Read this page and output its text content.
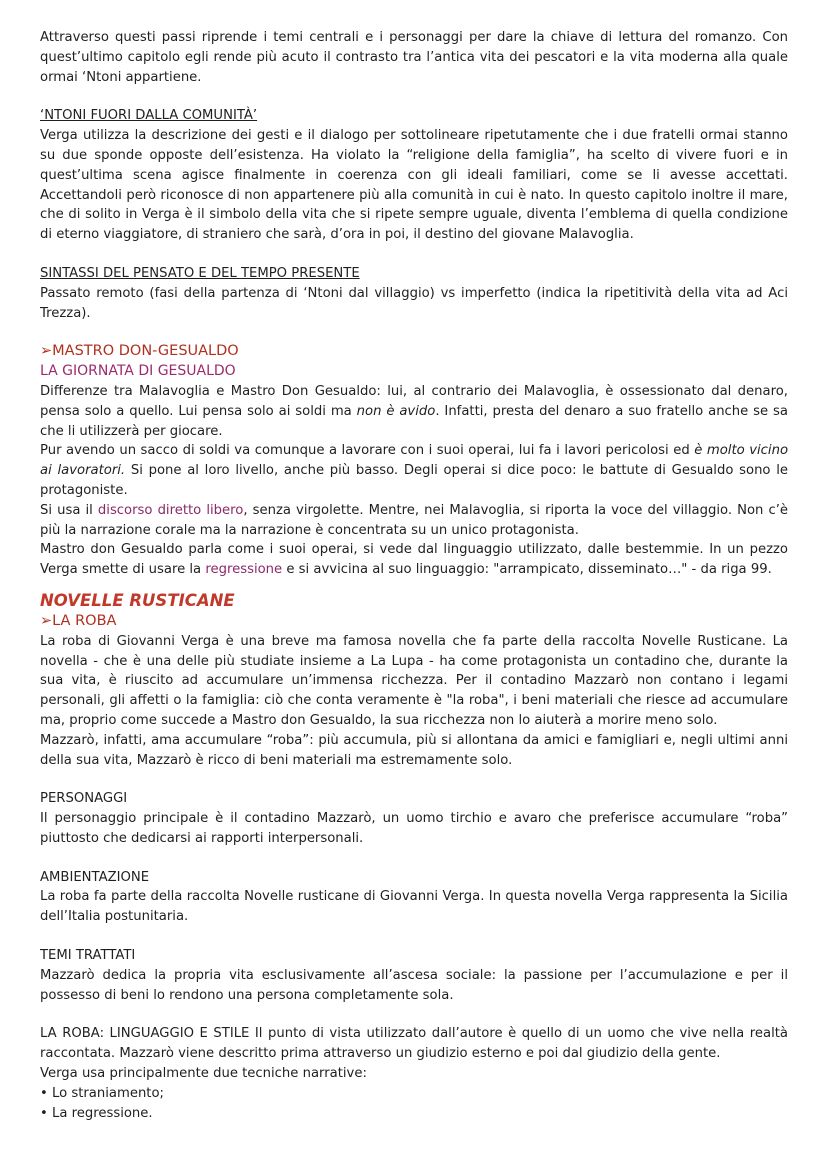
Attraverso questi passi riprende i temi centrali e i personaggi per dare la chiave di lettura del romanzo. Con quest’ultimo capitolo egli rende più acuto il contrasto tra l’antica vita dei pescatori e la vita moderna alla quale ormai ‘Ntoni appartiene.

‘NTONI FUORI DALLA COMUNITÀ’

Verga utilizza la descrizione dei gesti e il dialogo per sottolineare ripetutamente che i due fratelli ormai stanno su due sponde opposte dell’esistenza. Ha violato la “religione della famiglia”, ha scelto di vivere fuori e in quest’ultima scena agisce finalmente in coerenza con gli ideali familiari, come se li avesse accettati. Accettandoli però riconosce di non appartenere più alla comunità in cui è nato. In questo capitolo inoltre il mare, che di solito in Verga è il simbolo della vita che si ripete sempre uguale, diventa l’emblema di quella condizione di eterno viaggiatore, di straniero che sarà, d’ora in poi, il destino del giovane Malavoglia.

SINTASSI DEL PENSATO E DEL TEMPO PRESENTE

Passato remoto (fasi della partenza di ‘Ntoni dal villaggio) vs imperfetto (indica la ripetitività della vita ad Aci Trezza).

➢MASTRO DON-GESUALDO

LA GIORNATA DI GESUALDO

Differenze tra Malavoglia e Mastro Don Gesualdo: lui, al contrario dei Malavoglia, è ossessionato dal denaro, pensa solo a quello. Lui pensa solo ai soldi ma non è avido. Infatti, presta del denaro a suo fratello anche se sa che li utilizzerà per giocare.

Pur avendo un sacco di soldi va comunque a lavorare con i suoi operai, lui fa i lavori pericolosi ed è molto vicino ai lavoratori. Si pone al loro livello, anche più basso. Degli operai si dice poco: le battute di Gesualdo sono le protagoniste.

Si usa il discorso diretto libero, senza virgolette. Mentre, nei Malavoglia, si riporta la voce del villaggio. Non c’è più la narrazione corale ma la narrazione è concentrata su un unico protagonista.

Mastro don Gesualdo parla come i suoi operai, si vede dal linguaggio utilizzato, dalle bestemmie. In un pezzo Verga smette di usare la regressione e si avvicina al suo linguaggio: "arrampicato, disseminato…" - da riga 99.

NOVELLE RUSTICANE

➢LA ROBA

La roba di Giovanni Verga è una breve ma famosa novella che fa parte della raccolta Novelle Rusticane. La novella - che è una delle più studiate insieme a La Lupa - ha come protagonista un contadino che, durante la sua vita, è riuscito ad accumulare un’immensa ricchezza. Per il contadino Mazzarò non contano i legami personali, gli affetti o la famiglia: ciò che conta veramente è "la roba", i beni materiali che riesce ad accumulare ma, proprio come succede a Mastro don Gesualdo, la sua ricchezza non lo aiuterà a morire meno solo.

Mazzarò, infatti, ama accumulare “roba”: più accumula, più si allontana da amici e famigliari e, negli ultimi anni della sua vita, Mazzarò è ricco di beni materiali ma estremamente solo.

PERSONAGGI

Il personaggio principale è il contadino Mazzarò, un uomo tirchio e avaro che preferisce accumulare “roba” piuttosto che dedicarsi ai rapporti interpersonali.

AMBIENTAZIONE

La roba fa parte della raccolta Novelle rusticane di Giovanni Verga. In questa novella Verga rappresenta la Sicilia dell’Italia postunitaria.

TEMI TRATTATI

Mazzarò dedica la propria vita esclusivamente all’ascesa sociale: la passione per l’accumulazione e per il possesso di beni lo rendono una persona completamente sola.

LA ROBA: LINGUAGGIO E STILE Il punto di vista utilizzato dall’autore è quello di un uomo che vive nella realtà raccontata. Mazzarò viene descritto prima attraverso un giudizio esterno e poi dal giudizio della gente.

Verga usa principalmente due tecniche narrative:

• Lo straniamento;

• La regressione.
